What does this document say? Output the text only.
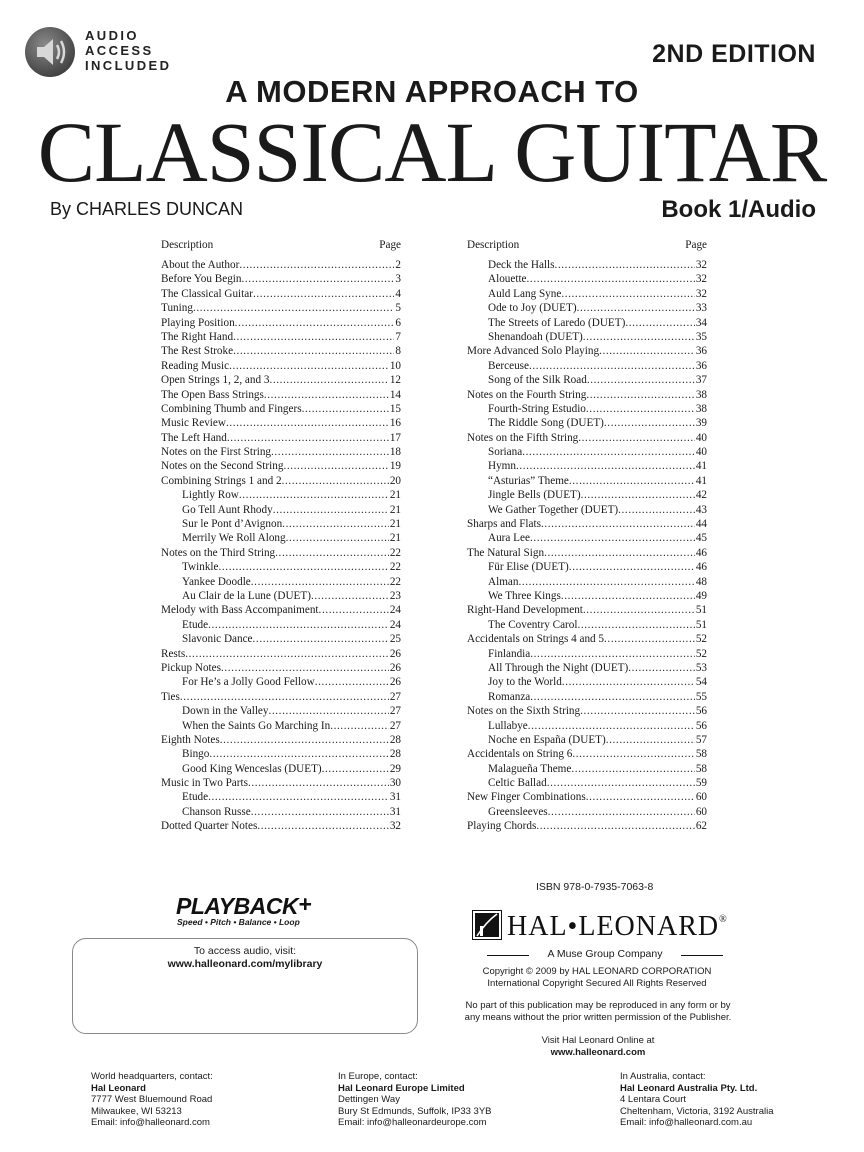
AUDIO
ACCESS
INCLUDED	2ND EDITION
A MODERN APPROACH TO
CLASSICAL GUITAR
By CHARLES DUNCAN	Book 1/Audio
Description	Page
About the Author .....	2
Before You Begin .....	3
The Classical Guitar .....	4
Tuning .....	5
Playing Position .....	6
The Right Hand .....	7
The Rest Stroke .....	8
Reading Music .....	10
Open Strings 1, 2, and 3 .....	12
The Open Bass Strings .....	14
Combining Thumb and Fingers .....	15
Music Review .....	16
The Left Hand .....	17
Notes on the First String .....	18
Notes on the Second String .....	19
Combining Strings 1 and 2 .....	20
Lightly Row .....	21
Go Tell Aunt Rhody .....	21
Sur le Pont d’Avignon .....	21
Merrily We Roll Along .....	21
Notes on the Third String .....	22
Twinkle .....	22
Yankee Doodle .....	22
Au Clair de la Lune (DUET) .....	23
Melody with Bass Accompaniment .....	24
Etude .....	24
Slavonic Dance .....	25
Rests .....	26
Pickup Notes .....	26
For He’s a Jolly Good Fellow .....	26
Ties .....	27
Down in the Valley .....	27
When the Saints Go Marching In .....	27
Eighth Notes .....	28
Bingo .....	28
Good King Wenceslas (DUET) .....	29
Music in Two Parts .....	30
Etude .....	31
Chanson Russe .....	31
Dotted Quarter Notes .....	32
Description	Page
Deck the Halls .....	32
Alouette .....	32
Auld Lang Syne .....	32
Ode to Joy (DUET) .....	33
The Streets of Laredo (DUET) .....	34
Shenandoah (DUET) .....	35
More Advanced Solo Playing .....	36
Berceuse .....	36
Song of the Silk Road .....	37
Notes on the Fourth String .....	38
Fourth-String Estudio .....	38
The Riddle Song (DUET) .....	39
Notes on the Fifth String .....	40
Soriana .....	40
Hymn .....	41
“Asturias” Theme .....	41
Jingle Bells (DUET) .....	42
We Gather Together (DUET) .....	43
Sharps and Flats .....	44
Aura Lee .....	45
The Natural Sign .....	46
Für Elise (DUET) .....	46
Alman .....	48
We Three Kings .....	49
Right-Hand Development .....	51
The Coventry Carol .....	51
Accidentals on Strings 4 and 5 .....	52
Finlandia .....	52
All Through the Night (DUET) .....	53
Joy to the World .....	54
Romanza .....	55
Notes on the Sixth String .....	56
Lullabye .....	56
Noche en España (DUET) .....	57
Accidentals on String 6 .....	58
Malagueña Theme .....	58
Celtic Ballad .....	59
New Finger Combinations .....	60
Greensleeves .....	60
Playing Chords .....	62
ISBN 978-0-7935-7063-8
PLAYBACK+
Speed • Pitch • Balance • Loop
To access audio, visit:
www.halleonard.com/mylibrary
HAL•LEONARD®
A Muse Group Company
Copyright © 2009 by HAL LEONARD CORPORATION
International Copyright Secured All Rights Reserved
No part of this publication may be reproduced in any form or by
any means without the prior written permission of the Publisher.
Visit Hal Leonard Online at
www.halleonard.com
World headquarters, contact:
Hal Leonard
7777 West Bluemound Road
Milwaukee, WI 53213
Email: info@halleonard.com
In Europe, contact:
Hal Leonard Europe Limited
Dettingen Way
Bury St Edmunds, Suffolk, IP33 3YB
Email: info@halleonardeurope.com
In Australia, contact:
Hal Leonard Australia Pty. Ltd.
4 Lentara Court
Cheltenham, Victoria, 3192 Australia
Email: info@halleonard.com.au
